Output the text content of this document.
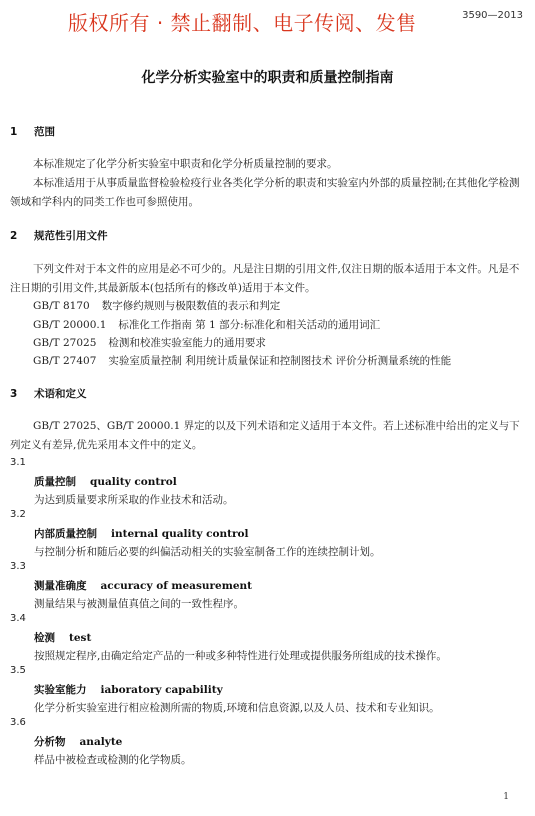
版权所有 · 禁止翻制、电子传阅、发售	3590—2013
化学分析实验室中的职责和质量控制指南
1 范围

本标准规定了化学分析实验室中职责和化学分析质量控制的要求。

本标准适用于从事质量监督检验检疫行业各类化学分析的职责和实验室内外部的质量控制;在其他化学检测领域和学科内的同类工作也可参照使用。

2 规范性引用文件

下列文件对于本文件的应用是必不可少的。凡是注日期的引用文件,仅注日期的版本适用于本文件。凡是不注日期的引用文件,其最新版本(包括所有的修改单)适用于本文件。

GB/T 8170 数字修约规则与极限数值的表示和判定
GB/T 20000.1 标准化工作指南 第 1 部分:标准化和相关活动的通用词汇
GB/T 27025 检测和校准实验室能力的通用要求
GB/T 27407 实验室质量控制 利用统计质量保证和控制图技术 评价分析测量系统的性能
3 术语和定义

GB/T 27025、GB/T 20000.1 界定的以及下列术语和定义适用于本文件。若上述标准中给出的定义与下列定义有差异,优先采用本文件中的定义。

3.1
质量控制 quality control
为达到质量要求所采取的作业技术和活动。
3.2
内部质量控制 internal quality control
与控制分析和随后必要的纠偏活动相关的实验室制备工作的连续控制计划。
3.3
测量准确度 accuracy of measurement
测量结果与被测量值真值之间的一致性程序。
3.4
检测 test
按照规定程序,由确定给定产品的一种或多种特性进行处理或提供服务所组成的技术操作。
3.5
实验室能力 iaboratory capability
化学分析实验室进行相应检测所需的物质,环境和信息资源,以及人员、技术和专业知识。
3.6
分析物 analyte
样品中被检查或检测的化学物质。
1
